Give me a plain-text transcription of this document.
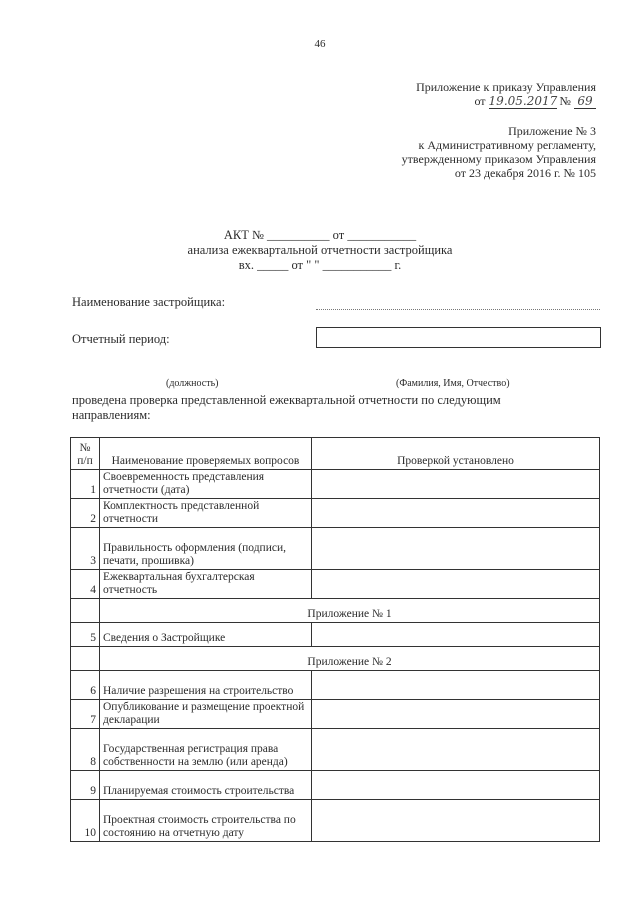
46
Приложение к приказу Управления
от 19.05.2017 № 69
Приложение № 3
к Административному регламенту,
утвержденному приказом Управления
от 23 декабря 2016 г. № 105
АКТ № __________ от ___________
анализа ежеквартальной отчетности застройщика
вх. _____ от " " ___________ г.
Наименование застройщика:
Отчетный период:
(должность)	(Фамилия, Имя, Отчество)
проведена проверка представленной ежеквартальной отчетности по следующим направлениям:
№ п/п	Наименование проверяемых вопросов	Проверкой установлено
1	Своевременность представления отчетности (дата)	
2	Комплектность представленной отчетности	
3	Правильность оформления (подписи, печати, прошивка)	
4	Ежеквартальная бухгалтерская отчетность	
	Приложение № 1	
5	Сведения о Застройщике	
	Приложение № 2	
6	Наличие разрешения на строительство	
7	Опубликование и размещение проектной декларации	
8	Государственная регистрация права собственности на землю (или аренда)	
9	Планируемая стоимость строительства	
10	Проектная стоимость строительства по состоянию на отчетную дату	
